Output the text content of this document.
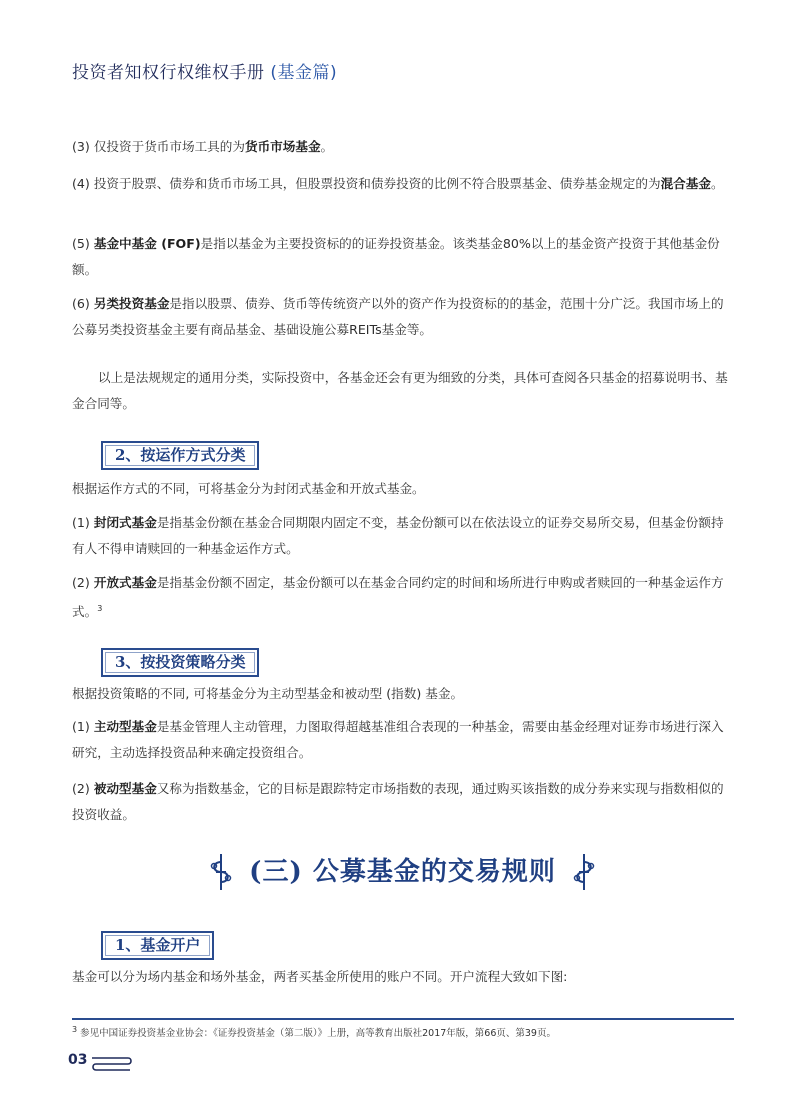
投资者知权行权维权手册 (基金篇)
(3) 仅投资于货币市场工具的为货币市场基金。
(4) 投资于股票、债券和货币市场工具，但股票投资和债券投资的比例不符合股票基金、债券基金规定的为混合基金。
(5) 基金中基金 (FOF)是指以基金为主要投资标的的证券投资基金。该类基金80%以上的基金资产投资于其他基金份额。
(6) 另类投资基金是指以股票、债券、货币等传统资产以外的资产作为投资标的的基金，范围十分广泛。我国市场上的公募另类投资基金主要有商品基金、基础设施公募REITs基金等。
以上是法规规定的通用分类，实际投资中，各基金还会有更为细致的分类，具体可查阅各只基金的招募说明书、基金合同等。
2、按运作方式分类
根据运作方式的不同，可将基金分为封闭式基金和开放式基金。
(1) 封闭式基金是指基金份额在基金合同期限内固定不变，基金份额可以在依法设立的证券交易所交易，但基金份额持有人不得申请赎回的一种基金运作方式。
(2) 开放式基金是指基金份额不固定，基金份额可以在基金合同约定的时间和场所进行申购或者赎回的一种基金运作方式。$^3$
3、按投资策略分类
根据投资策略的不同, 可将基金分为主动型基金和被动型 (指数) 基金。
(1) 主动型基金是基金管理人主动管理，力图取得超越基准组合表现的一种基金，需要由基金经理对证券市场进行深入研究，主动选择投资品种来确定投资组合。
(2) 被动型基金又称为指数基金，它的目标是跟踪特定市场指数的表现，通过购买该指数的成分券来实现与指数相似的投资收益。
(三) 公募基金的交易规则
1、基金开户
基金可以分为场内基金和场外基金，两者买基金所使用的账户不同。开户流程大致如下图:
$^3$ 参见中国证券投资基金业协会：《证券投资基金（第二版）》上册，高等教育出版社2017年版，第66页、第39页。
03
